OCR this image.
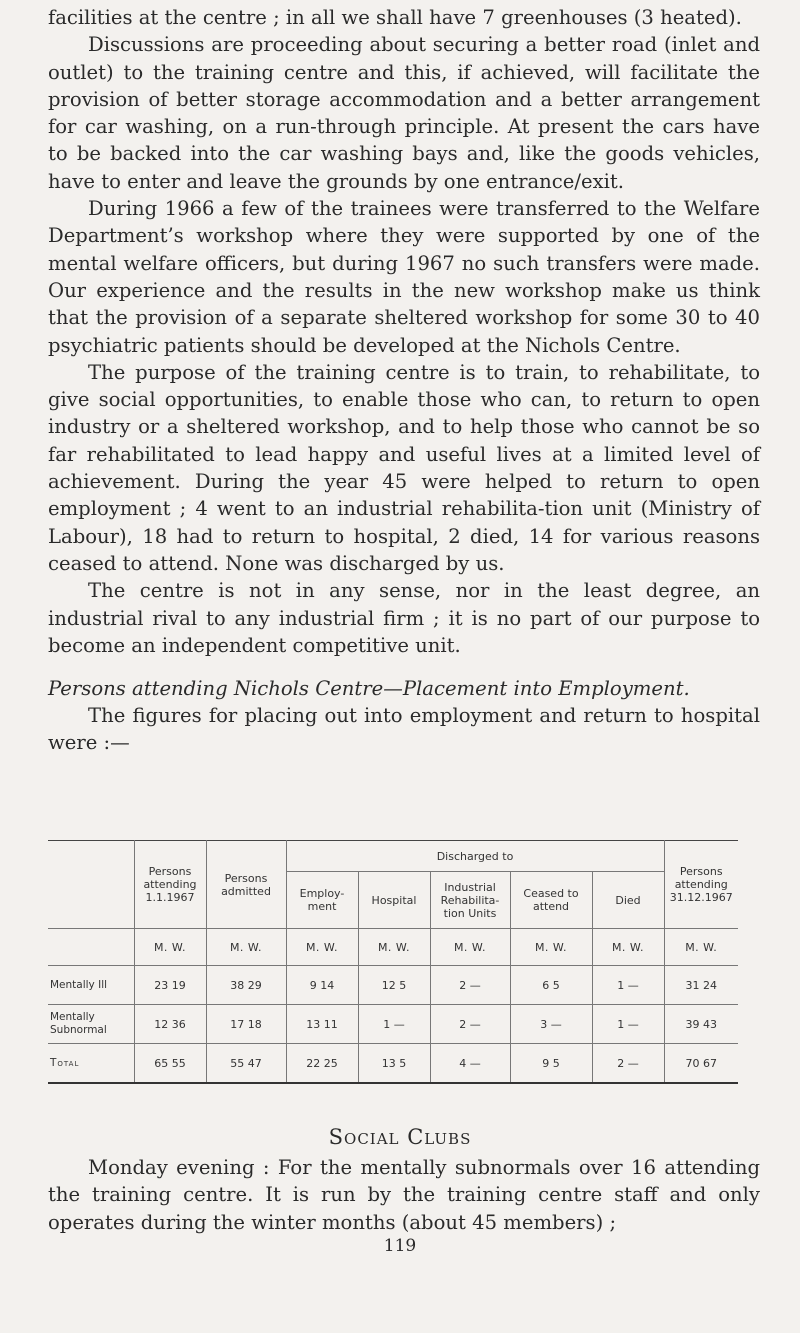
facilities at the centre ; in all we shall have 7 greenhouses (3 heated).

Discussions are proceeding about securing a better road (inlet and outlet) to the training centre and this, if achieved, will facilitate the provision of better storage accommodation and a better arrangement for car washing, on a run-through principle. At present the cars have to be backed into the car washing bays and, like the goods vehicles, have to enter and leave the grounds by one entrance/exit.

During 1966 a few of the trainees were transferred to the Welfare Department’s workshop where they were supported by one of the mental welfare officers, but during 1967 no such transfers were made. Our experience and the results in the new workshop make us think that the provision of a separate sheltered workshop for some 30 to 40 psychiatric patients should be developed at the Nichols Centre.

The purpose of the training centre is to train, to rehabilitate, to give social opportunities, to enable those who can, to return to open industry or a sheltered workshop, and to help those who cannot be so far rehabilitated to lead happy and useful lives at a limited level of achievement. During the year 45 were helped to return to open employment ; 4 went to an industrial rehabilita-tion unit (Ministry of Labour), 18 had to return to hospital, 2 died, 14 for various reasons ceased to attend. None was discharged by us.

The centre is not in any sense, nor in the least degree, an industrial rival to any industrial firm ; it is no part of our purpose to become an independent competitive unit.

Persons attending Nichols Centre—Placement into Employment.

The figures for placing out into employment and return to hospital were :—

	Persons attending 1.1.1967	Persons admitted	Discharged to					Persons attending 31.12.1967
			Employ-ment	Hospital	Industrial Rehabilita-tion Units	Ceased to attend	Died	
	M. W.	M. W.	M. W.	M. W.	M. W.	M. W.	M. W.	M. W.
Mentally Ill	23 19	38 29	9 14	12 5	2 —	6 5	1 —	31 24
Mentally Subnormal	12 36	17 18	13 11	1 —	2 —	3 —	1 —	39 43
Total	65 55	55 47	22 25	13 5	4 —	9 5	2 —	70 67
Social Clubs

Monday evening : For the mentally subnormals over 16 attending the training centre. It is run by the training centre staff and only operates during the winter months (about 45 members) ;

119
